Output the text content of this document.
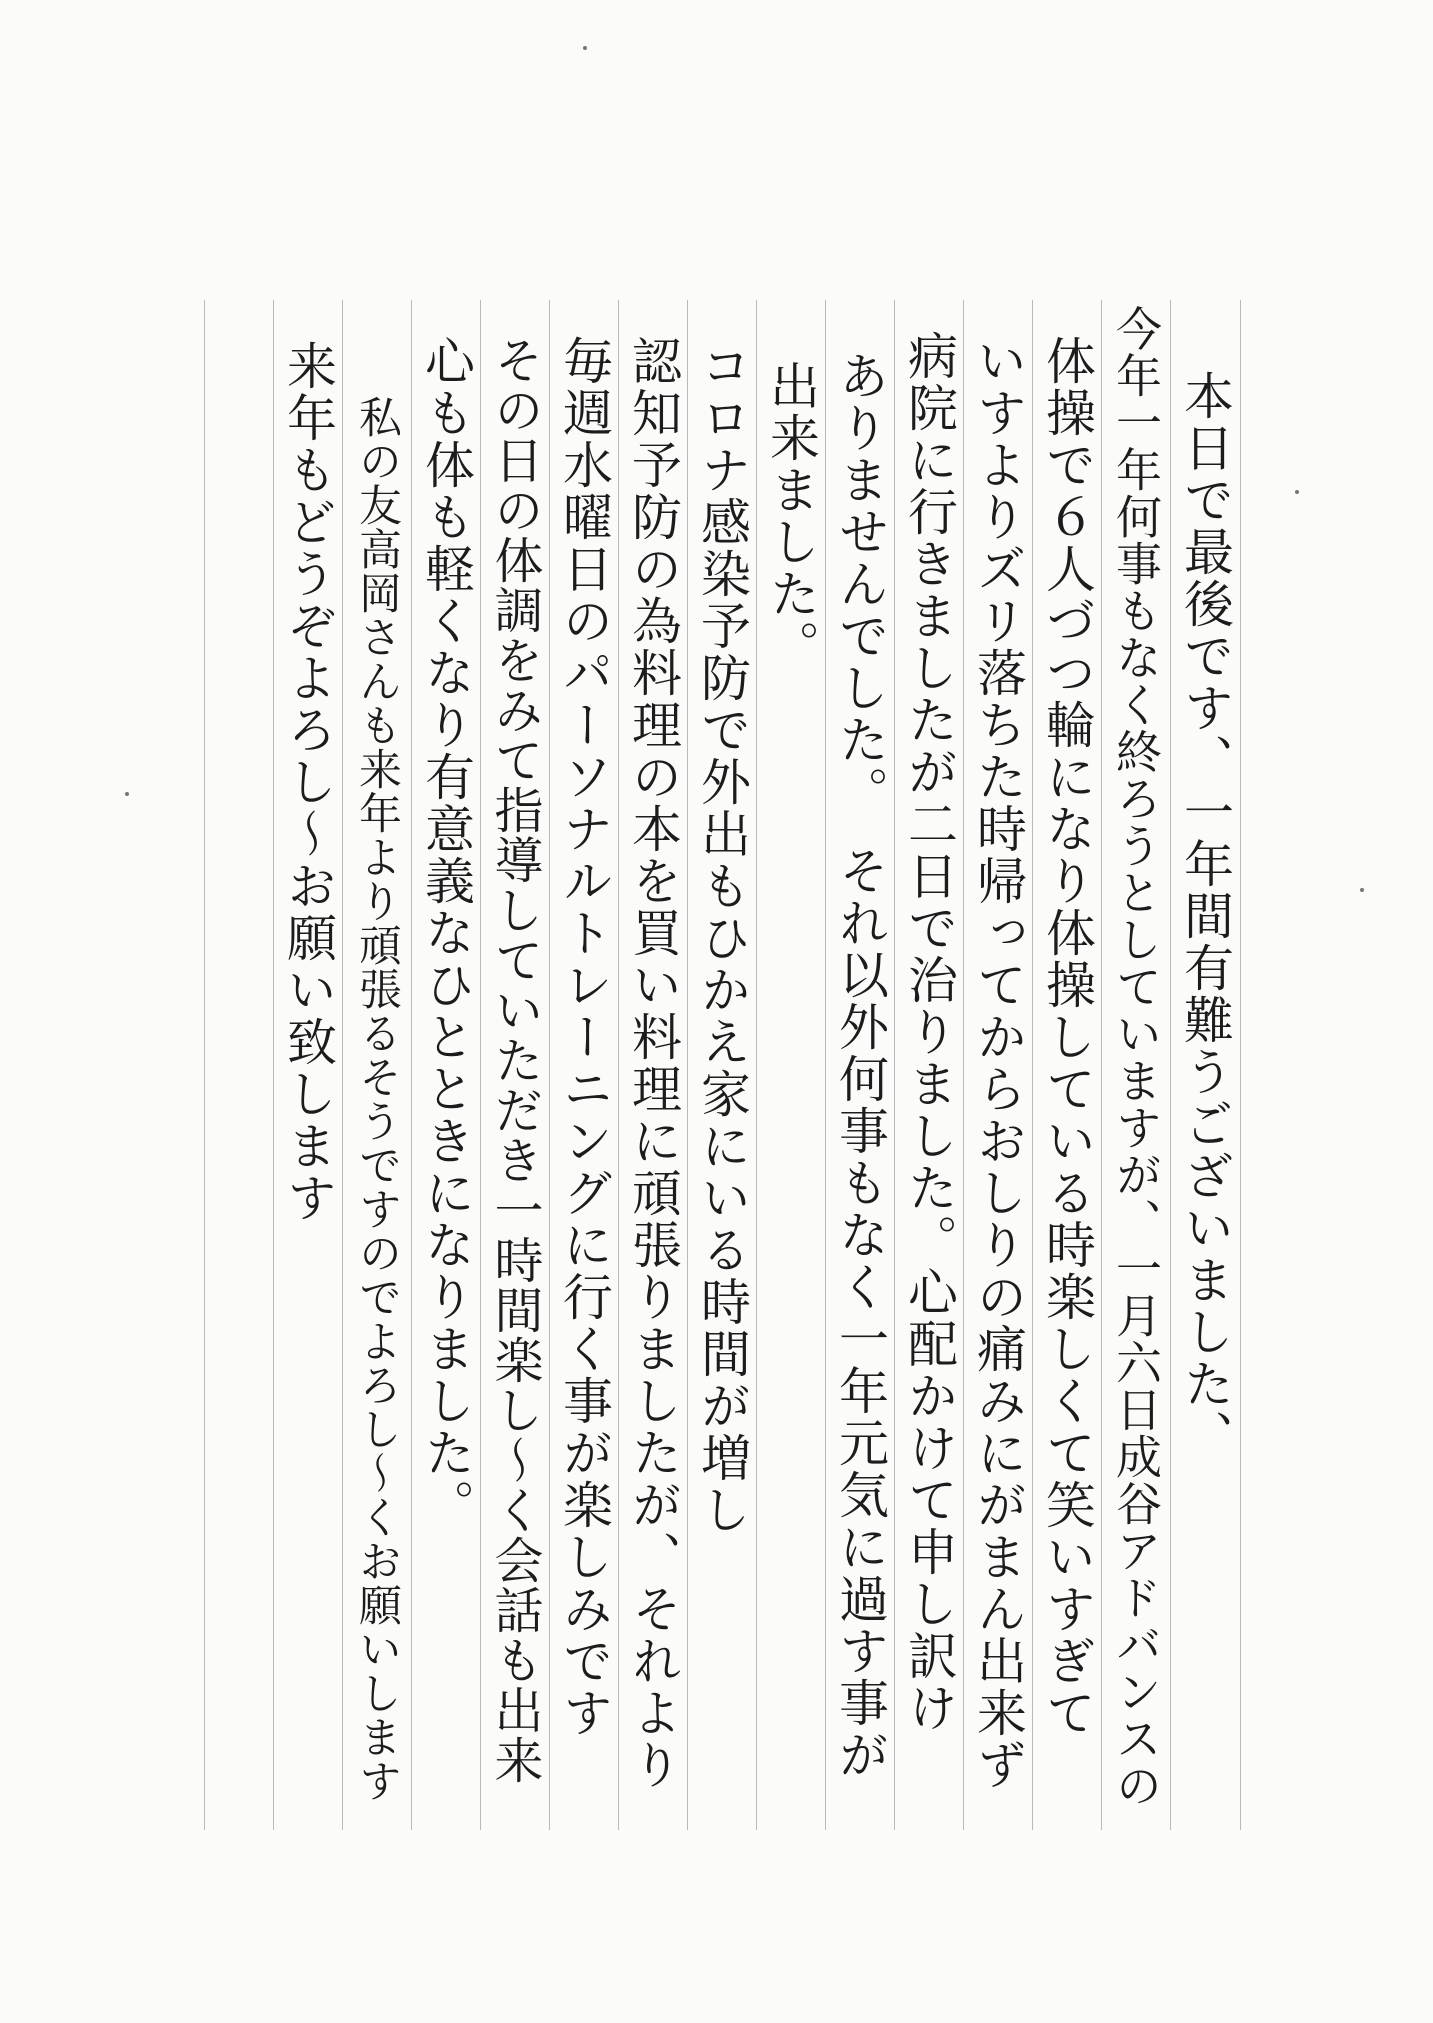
本日で最後です、一年間有難うございました、
今年一年何事もなく終ろうとしていますが、一月六日成谷アドバンスの
体操で６人づつ輪になり体操している時楽しくて笑いすぎて
いすよりズリ落ちた時帰ってからおしりの痛みにがまん出来ず
病院に行きましたが二日で治りました。心配かけて申し訳け
ありませんでした。　それ以外何事もなく一年元気に過す事が
出来ました。
コロナ感染予防で外出もひかえ家にいる時間が増し
認知予防の為料理の本を買い料理に頑張りましたが、それより
毎週水曜日のパーソナルトレーニングに行く事が楽しみです
その日の体調をみて指導していただき一時間楽し〜く会話も出来
心も体も軽くなり有意義なひとときになりました。
私の友高岡さんも来年より頑張るそうですのでよろし〜くお願いします
来年もどうぞよろし〜お願い致します
